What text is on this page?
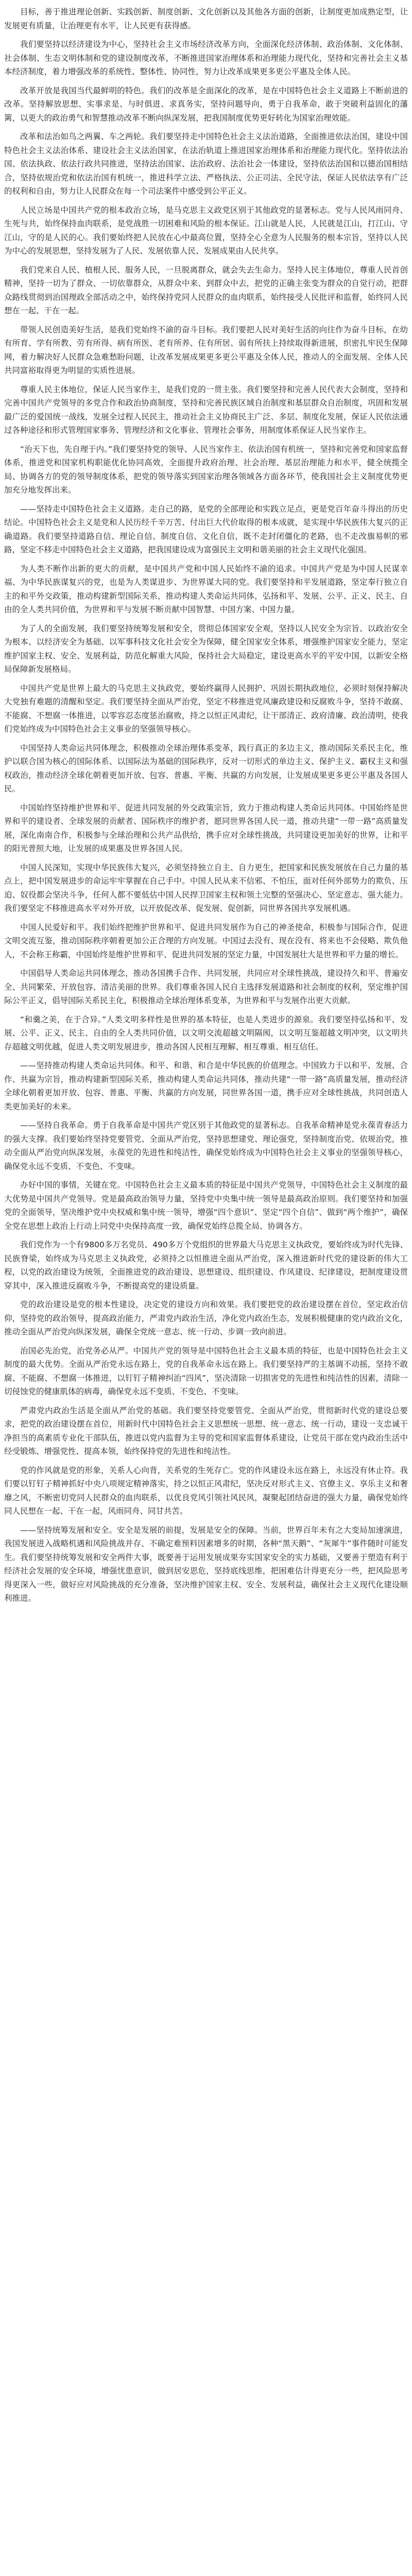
目标，善于推进理论创新、实践创新、制度创新、文化创新以及其他各方面的创新，让制度更加成熟定型，让发展更有质量，让治理更有水平，让人民更有获得感。

我们要坚持以经济建设为中心，坚持社会主义市场经济改革方向，全面深化经济体制、政治体制、文化体制、社会体制、生态文明体制和党的建设制度改革，不断推进国家治理体系和治理能力现代化，坚持和完善社会主义基本经济制度，着力增强改革的系统性、整体性、协同性，努力让改革成果更多更公平惠及全体人民。

改革开放是我国当代最鲜明的特色。我们的改革是全面深化的改革，是在中国特色社会主义道路上不断前进的改革。坚持解放思想、实事求是、与时俱进、求真务实，坚持问题导向，勇于自我革命，敢于突破利益固化的藩篱，以更大的政治勇气和智慧推动改革不断向纵深发展，把我国制度优势更好转化为国家治理效能。

改革和法治如鸟之两翼、车之两轮。我们要坚持走中国特色社会主义法治道路，全面推进依法治国，建设中国特色社会主义法治体系、建设社会主义法治国家，在法治轨道上推进国家治理体系和治理能力现代化。坚持依法治国、依法执政、依法行政共同推进，坚持法治国家、法治政府、法治社会一体建设，坚持依法治国和以德治国相结合，坚持依规治党和依法治国有机统一，推进科学立法、严格执法、公正司法、全民守法，保证人民依法享有广泛的权利和自由，努力让人民群众在每一个司法案件中感受到公平正义。

人民立场是中国共产党的根本政治立场，是马克思主义政党区别于其他政党的显著标志。党与人民风雨同舟、生死与共，始终保持血肉联系，是党战胜一切困难和风险的根本保证。江山就是人民，人民就是江山，打江山、守江山，守的是人民的心。我们要始终把人民放在心中最高位置，坚持全心全意为人民服务的根本宗旨，坚持以人民为中心的发展思想，坚持发展为了人民、发展依靠人民、发展成果由人民共享。

我们党来自人民、植根人民、服务人民，一旦脱离群众，就会失去生命力。坚持人民主体地位，尊重人民首创精神，坚持一切为了群众、一切依靠群众，从群众中来、到群众中去，把党的正确主张变为群众的自觉行动，把群众路线贯彻到治国理政全部活动之中，始终保持党同人民群众的血肉联系，始终接受人民批评和监督，始终同人民想在一起、干在一起。

带领人民创造美好生活，是我们党始终不渝的奋斗目标。我们要把人民对美好生活的向往作为奋斗目标，在幼有所育、学有所教、劳有所得、病有所医、老有所养、住有所居、弱有所扶上持续取得新进展，织密扎牢民生保障网，着力解决好人民群众急难愁盼问题，让改革发展成果更多更公平惠及全体人民，推动人的全面发展、全体人民共同富裕取得更为明显的实质性进展。

尊重人民主体地位，保证人民当家作主，是我们党的一贯主张。我们要坚持和完善人民代表大会制度，坚持和完善中国共产党领导的多党合作和政治协商制度，坚持和完善民族区域自治制度和基层群众自治制度，巩固和发展最广泛的爱国统一战线，发展全过程人民民主，推动社会主义协商民主广泛、多层、制度化发展，保证人民依法通过各种途径和形式管理国家事务、管理经济和文化事业、管理社会事务，用制度体系保证人民当家作主。

“治天下也，先自理于内。”我们要坚持党的领导、人民当家作主、依法治国有机统一，坚持和完善党和国家监督体系，推进党和国家机构职能优化协同高效，全面提升政府治理、社会治理、基层治理能力和水平，健全统揽全局、协调各方的党的领导制度体系，把党的领导落实到国家治理各领域各方面各环节，使我国社会主义制度优势更加充分地发挥出来。

——坚持走中国特色社会主义道路。走自己的路，是党的全部理论和实践立足点，更是党百年奋斗得出的历史结论。中国特色社会主义是党和人民历经千辛万苦、付出巨大代价取得的根本成就，是实现中华民族伟大复兴的正确道路。我们要坚持道路自信、理论自信、制度自信、文化自信，既不走封闭僵化的老路，也不走改旗易帜的邪路，坚定不移走中国特色社会主义道路，把我国建设成为富强民主文明和谐美丽的社会主义现代化强国。

为人类不断作出新的更大的贡献，是中国共产党和中国人民始终不渝的追求。中国共产党是为中国人民谋幸福、为中华民族谋复兴的党，也是为人类谋进步、为世界谋大同的党。我们要坚持和平发展道路，坚定奉行独立自主的和平外交政策，推动构建新型国际关系，推动构建人类命运共同体，弘扬和平、发展、公平、正义、民主、自由的全人类共同价值，为世界和平与发展不断贡献中国智慧、中国方案、中国力量。

为了人的全面发展，我们要坚持统筹发展和安全，贯彻总体国家安全观，坚持以人民安全为宗旨、以政治安全为根本、以经济安全为基础、以军事科技文化社会安全为保障，健全国家安全体系，增强维护国家安全能力，坚定维护国家主权、安全、发展利益，防范化解重大风险，保持社会大局稳定，建设更高水平的平安中国，以新安全格局保障新发展格局。

中国共产党是世界上最大的马克思主义执政党，要始终赢得人民拥护、巩固长期执政地位，必须时刻保持解决大党独有难题的清醒和坚定。我们要坚持全面从严治党，坚定不移推进党风廉政建设和反腐败斗争，坚持不敢腐、不能腐、不想腐一体推进，以零容忍态度惩治腐败，持之以恒正风肃纪，让干部清正、政府清廉、政治清明，使我们党始终成为中国特色社会主义事业的坚强领导核心。

中国坚持人类命运共同体理念，积极推动全球治理体系变革，践行真正的多边主义，推动国际关系民主化，维护以联合国为核心的国际体系、以国际法为基础的国际秩序，反对一切形式的单边主义、保护主义、霸权主义和强权政治，推动经济全球化朝着更加开放、包容、普惠、平衡、共赢的方向发展，让发展成果更多更公平惠及各国人民。

中国始终坚持维护世界和平、促进共同发展的外交政策宗旨，致力于推动构建人类命运共同体。中国始终是世界和平的建设者、全球发展的贡献者、国际秩序的维护者，愿同世界各国人民一道，推动共建“一带一路”高质量发展，深化南南合作，积极参与全球治理和公共产品供给，携手应对全球性挑战，共同建设更加美好的世界，让和平的阳光普照大地，让发展的成果惠及世界各国人民。

中国人民深知，实现中华民族伟大复兴，必须坚持独立自主、自力更生，把国家和民族发展放在自己力量的基点上，把中国发展进步的命运牢牢掌握在自己手中。中国人民从来不信邪、不怕压，面对任何外部势力的欺负、压迫、奴役都会坚决斗争，任何人都不要低估中国人民捍卫国家主权和领土完整的坚强决心、坚定意志、强大能力。我们要坚定不移推进高水平对外开放，以开放促改革、促发展、促创新，同世界各国共享发展机遇。

中国人民爱好和平。我们始终把维护世界和平、促进共同发展作为自己的神圣使命，积极参与国际合作，促进文明交流互鉴，推动国际秩序朝着更加公正合理的方向发展。中国过去没有、现在没有、将来也不会侵略、欺负他人，不会称王称霸，中国始终是维护世界和平、促进共同发展的坚定力量，中国发展壮大是世界和平力量的增长。

中国倡导人类命运共同体理念，推动各国携手合作、共同发展，共同应对全球性挑战，建设持久和平、普遍安全、共同繁荣、开放包容、清洁美丽的世界。我们尊重各国人民自主选择发展道路和社会制度的权利，坚定维护国际公平正义，倡导国际关系民主化，积极推动全球治理体系变革，为世界和平与发展作出更大贡献。

“和羹之美，在于合异。”人类文明多样性是世界的基本特征，也是人类进步的源泉。我们要坚持弘扬和平、发展、公平、正义、民主、自由的全人类共同价值，以文明交流超越文明隔阂，以文明互鉴超越文明冲突，以文明共存超越文明优越，促进人类文明发展进步，推动各国人民相互理解、相互尊重、相互信任。

——坚持推动构建人类命运共同体。和平、和谐、和合是中华民族的价值理念。中国致力于以和平、发展、合作、共赢为宗旨，推动构建新型国际关系，推动构建人类命运共同体，推动共建“一带一路”高质量发展，推动经济全球化朝着更加开放、包容、普惠、平衡、共赢的方向发展，同世界各国一道，携手应对全球性挑战，共同创造人类更加美好的未来。

——坚持自我革命。勇于自我革命是中国共产党区别于其他政党的显著标志。自我革命精神是党永葆青春活力的强大支撑。我们要始终坚持党要管党、全面从严治党，坚持思想建党、理论强党，坚持制度治党、依规治党，推动全面从严治党向纵深发展，永葆党的先进性和纯洁性，确保党始终成为中国特色社会主义事业的坚强领导核心，确保党永远不变质、不变色、不变味。

办好中国的事情，关键在党。中国特色社会主义最本质的特征是中国共产党领导，中国特色社会主义制度的最大优势是中国共产党领导。党是最高政治领导力量，坚持党中央集中统一领导是最高政治原则。我们要坚持和加强党的全面领导，坚决维护党中央权威和集中统一领导，增强“四个意识”、坚定“四个自信”、做到“两个维护”，确保全党在思想上政治上行动上同党中央保持高度一致，确保党始终总揽全局、协调各方。

我们党作为一个有9800多万名党员、490多万个党组织的世界最大马克思主义执政党，要始终成为时代先锋、民族脊梁，始终成为马克思主义执政党，必须持之以恒推进全面从严治党，深入推进新时代党的建设新的伟大工程，以党的政治建设为统领，全面推进党的政治建设、思想建设、组织建设、作风建设、纪律建设，把制度建设贯穿其中，深入推进反腐败斗争，不断提高党的建设质量。

党的政治建设是党的根本性建设，决定党的建设方向和效果。我们要把党的政治建设摆在首位，坚定政治信仰，坚持党的政治领导，提高政治能力，严肃党内政治生活，净化党内政治生态，发展积极健康的党内政治文化，推动全面从严治党向纵深发展，确保全党统一意志、统一行动、步调一致向前进。

治国必先治党，治党务必从严。中国共产党的领导是中国特色社会主义最本质的特征，也是中国特色社会主义制度的最大优势。全面从严治党永远在路上，党的自我革命永远在路上。我们要坚持严的主基调不动摇，坚持不敢腐、不能腐、不想腐一体推进，以钉钉子精神纠治“四风”，坚决清除一切损害党的先进性和纯洁性的因素，清除一切侵蚀党的健康肌体的病毒，确保党永远不变质、不变色、不变味。

严肃党内政治生活是全面从严治党的基础。我们要坚持党要管党、全面从严治党，贯彻新时代党的建设总要求，把党的政治建设摆在首位，用新时代中国特色社会主义思想统一思想、统一意志、统一行动，建设一支忠诚干净担当的高素质专业化干部队伍，推进以党内监督为主导的党和国家监督体系建设，让党员干部在党内政治生活中经受锻炼、增强党性、提高本领，始终保持党的先进性和纯洁性。

党的作风就是党的形象，关系人心向背，关系党的生死存亡。党的作风建设永远在路上，永远没有休止符。我们要以钉钉子精神抓好中央八项规定精神落实，持之以恒正风肃纪，坚决反对形式主义、官僚主义、享乐主义和奢靡之风，不断密切党同人民群众的血肉联系，以优良党风引领社风民风，凝聚起团结奋进的强大力量，确保党始终同人民想在一起、干在一起，风雨同舟、同甘共苦。

——坚持统筹发展和安全。安全是发展的前提，发展是安全的保障。当前，世界百年未有之大变局加速演进，我国发展进入战略机遇和风险挑战并存、不确定难预料因素增多的时期，各种“黑天鹅”、“灰犀牛”事件随时可能发生。我们要坚持统筹发展和安全两件大事，既要善于运用发展成果夯实国家安全的实力基础，又要善于塑造有利于经济社会发展的安全环境，增强忧患意识，做到居安思危，坚持底线思维，把困难估计得更充分一些，把风险思考得更深入一些，做好应对风险挑战的充分准备，坚决维护国家主权、安全、发展利益，确保社会主义现代化建设顺利推进。
